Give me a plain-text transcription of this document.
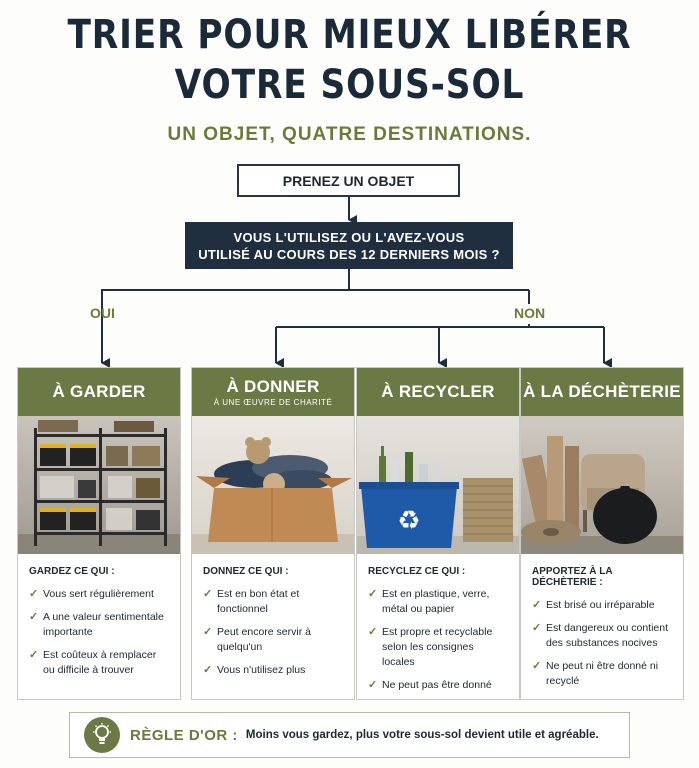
TRIER POUR MIEUX LIBÉRER
VOTRE SOUS-SOL
UN OBJET, QUATRE DESTINATIONS.
PRENEZ UN OBJET
VOUS L'UTILISEZ OU L'AVEZ-VOUS
UTILISÉ AU COURS DES 12 DERNIERS MOIS ?
OUI	NON
À GARDER
GARDEZ CE QUI :
✓ Vous sert régulièrement
✓ A une valeur sentimentale importante
✓ Est coûteux à remplacer ou difficile à trouver
À DONNER
À UNE ŒUVRE DE CHARITÉ
DONNEZ CE QUI :
✓ Est en bon état et fonctionnel
✓ Peut encore servir à quelqu'un
✓ Vous n'utilisez plus
À RECYCLER
♻
RECYCLEZ CE QUI :
✓ Est en plastique, verre, métal ou papier
✓ Est propre et recyclable selon les consignes locales
✓ Ne peut pas être donné
À LA DÉCHÈTERIE
APPORTEZ À LA DÉCHÈTERIE :
✓ Est brisé ou irréparable
✓ Est dangereux ou contient des substances nocives
✓ Ne peut ni être donné ni recyclé
RÈGLE D'OR : Moins vous gardez, plus votre sous-sol devient utile et agréable.
